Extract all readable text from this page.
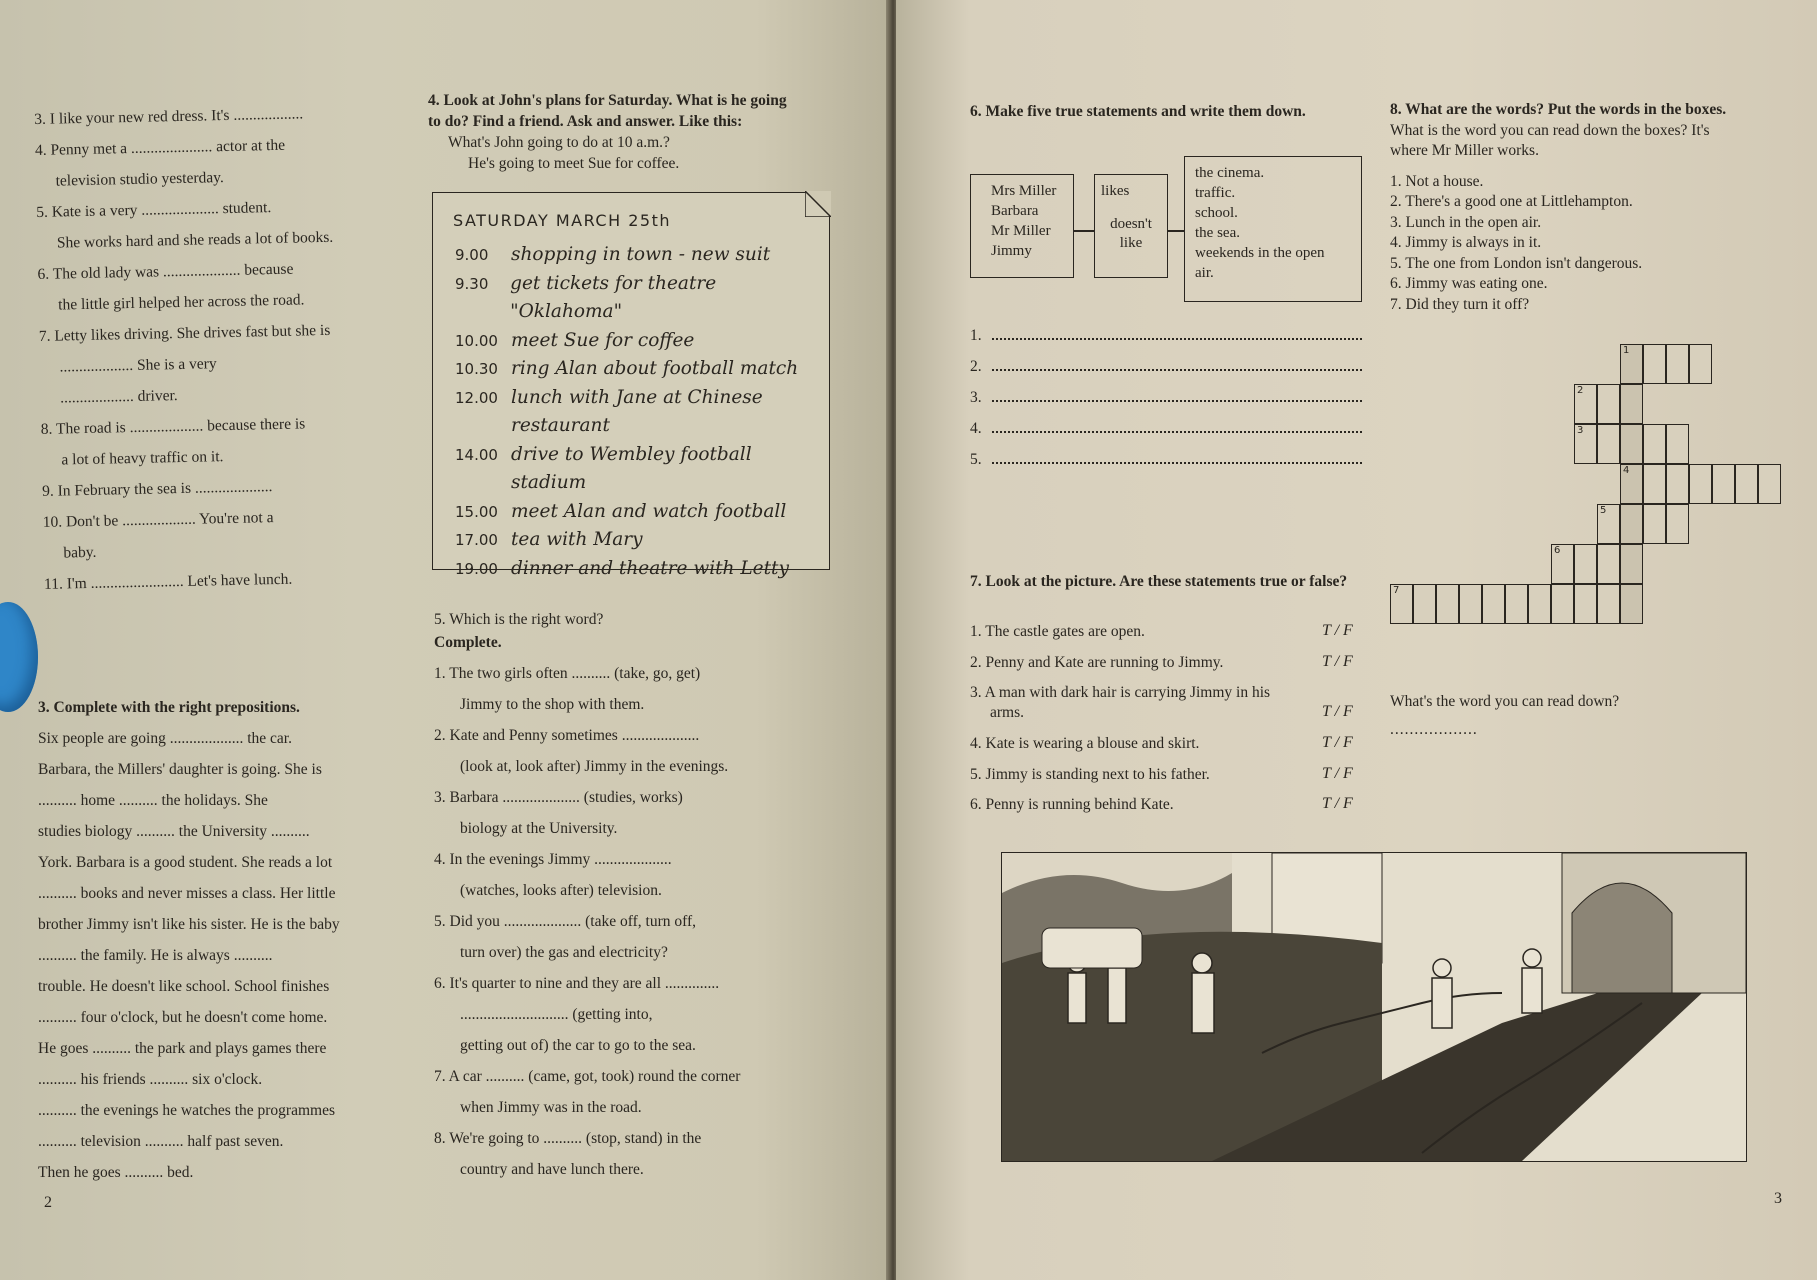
3. I like your new red dress. It's ..................
4. Penny met a ..................... actor at the
television studio yesterday.
5. Kate is a very .................... student.
She works hard and she reads a lot of books.
6. The old lady was .................... because
the little girl helped her across the road.
7. Letty likes driving. She drives fast but she is
................... She is a very
................... driver.
8. The road is ................... because there is
a lot of heavy traffic on it.
9. In February the sea is ....................
10. Don't be ................... You're not a
baby.
11. I'm ........................ Let's have lunch.
3. Complete with the right prepositions.
Six people are going ................... the car.
Barbara, the Millers' daughter is going. She is
.......... home .......... the holidays. She
studies biology .......... the University ..........
York. Barbara is a good student. She reads a lot
.......... books and never misses a class. Her little
brother Jimmy isn't like his sister. He is the baby
.......... the family. He is always ..........
trouble. He doesn't like school. School finishes
.......... four o'clock, but he doesn't come home.
He goes .......... the park and plays games there
.......... his friends .......... six o'clock.
.......... the evenings he watches the programmes
.......... television .......... half past seven.
Then he goes .......... bed.
4. Look at John's plans for Saturday. What is he going
to do? Find a friend. Ask and answer. Like this:
What's John going to do at 10 a.m.?
He's going to meet Sue for coffee.
SATURDAY MARCH 25th
9.00	shopping in town - new suit
9.30	get tickets for theatre "Oklahoma"
10.00 meet Sue for coffee
10.30 ring Alan about football match
12.00 lunch with Jane at Chinese
restaurant
14.00 drive to Wembley football
stadium
15.00 meet Alan and watch football
17.00 tea with Mary
19.00 dinner and theatre with Letty
5. Which is the right word?
Complete.
1. The two girls often .......... (take, go, get)
Jimmy to the shop with them.
2. Kate and Penny sometimes ....................
(look at, look after) Jimmy in the evenings.
3. Barbara .................... (studies, works)
biology at the University.
4. In the evenings Jimmy ....................
(watches, looks after) television.
5. Did you .................... (take off, turn off,
turn over) the gas and electricity?
6. It's quarter to nine and they are all ..............
............................ (getting into,
getting out of) the car to go to the sea.
7. A car .......... (came, got, took) round the corner
when Jimmy was in the road.
8. We're going to .......... (stop, stand) in the
country and have lunch there.
2
6. Make five true statements and write them down.
Mrs Miller
Barbara
Mr Miller
Jimmy
likes
doesn't like
the cinema.
traffic.
school.
the sea.
weekends in the open air.
1.
2.
3.
4.
5.
7. Look at the picture. Are these statements true or false?
1. The castle gates are open.	T / F
2. Penny and Kate are running to Jimmy.	T / F
3. A man with dark hair is carrying Jimmy in his arms.	T / F
4. Kate is wearing a blouse and skirt.	T / F
5. Jimmy is standing next to his father.	T / F
6. Penny is running behind Kate.	T / F
8. What are the words? Put the words in the boxes.
What is the word you can read down the boxes? It's
where Mr Miller works.
1. Not a house.
2. There's a good one at Littlehampton.
3. Lunch in the open air.
4. Jimmy is always in it.
5. The one from London isn't dangerous.
6. Jimmy was eating one.
7. Did they turn it off?
1
2
3
4
5
6
7
What's the word you can read down?
..................
3
